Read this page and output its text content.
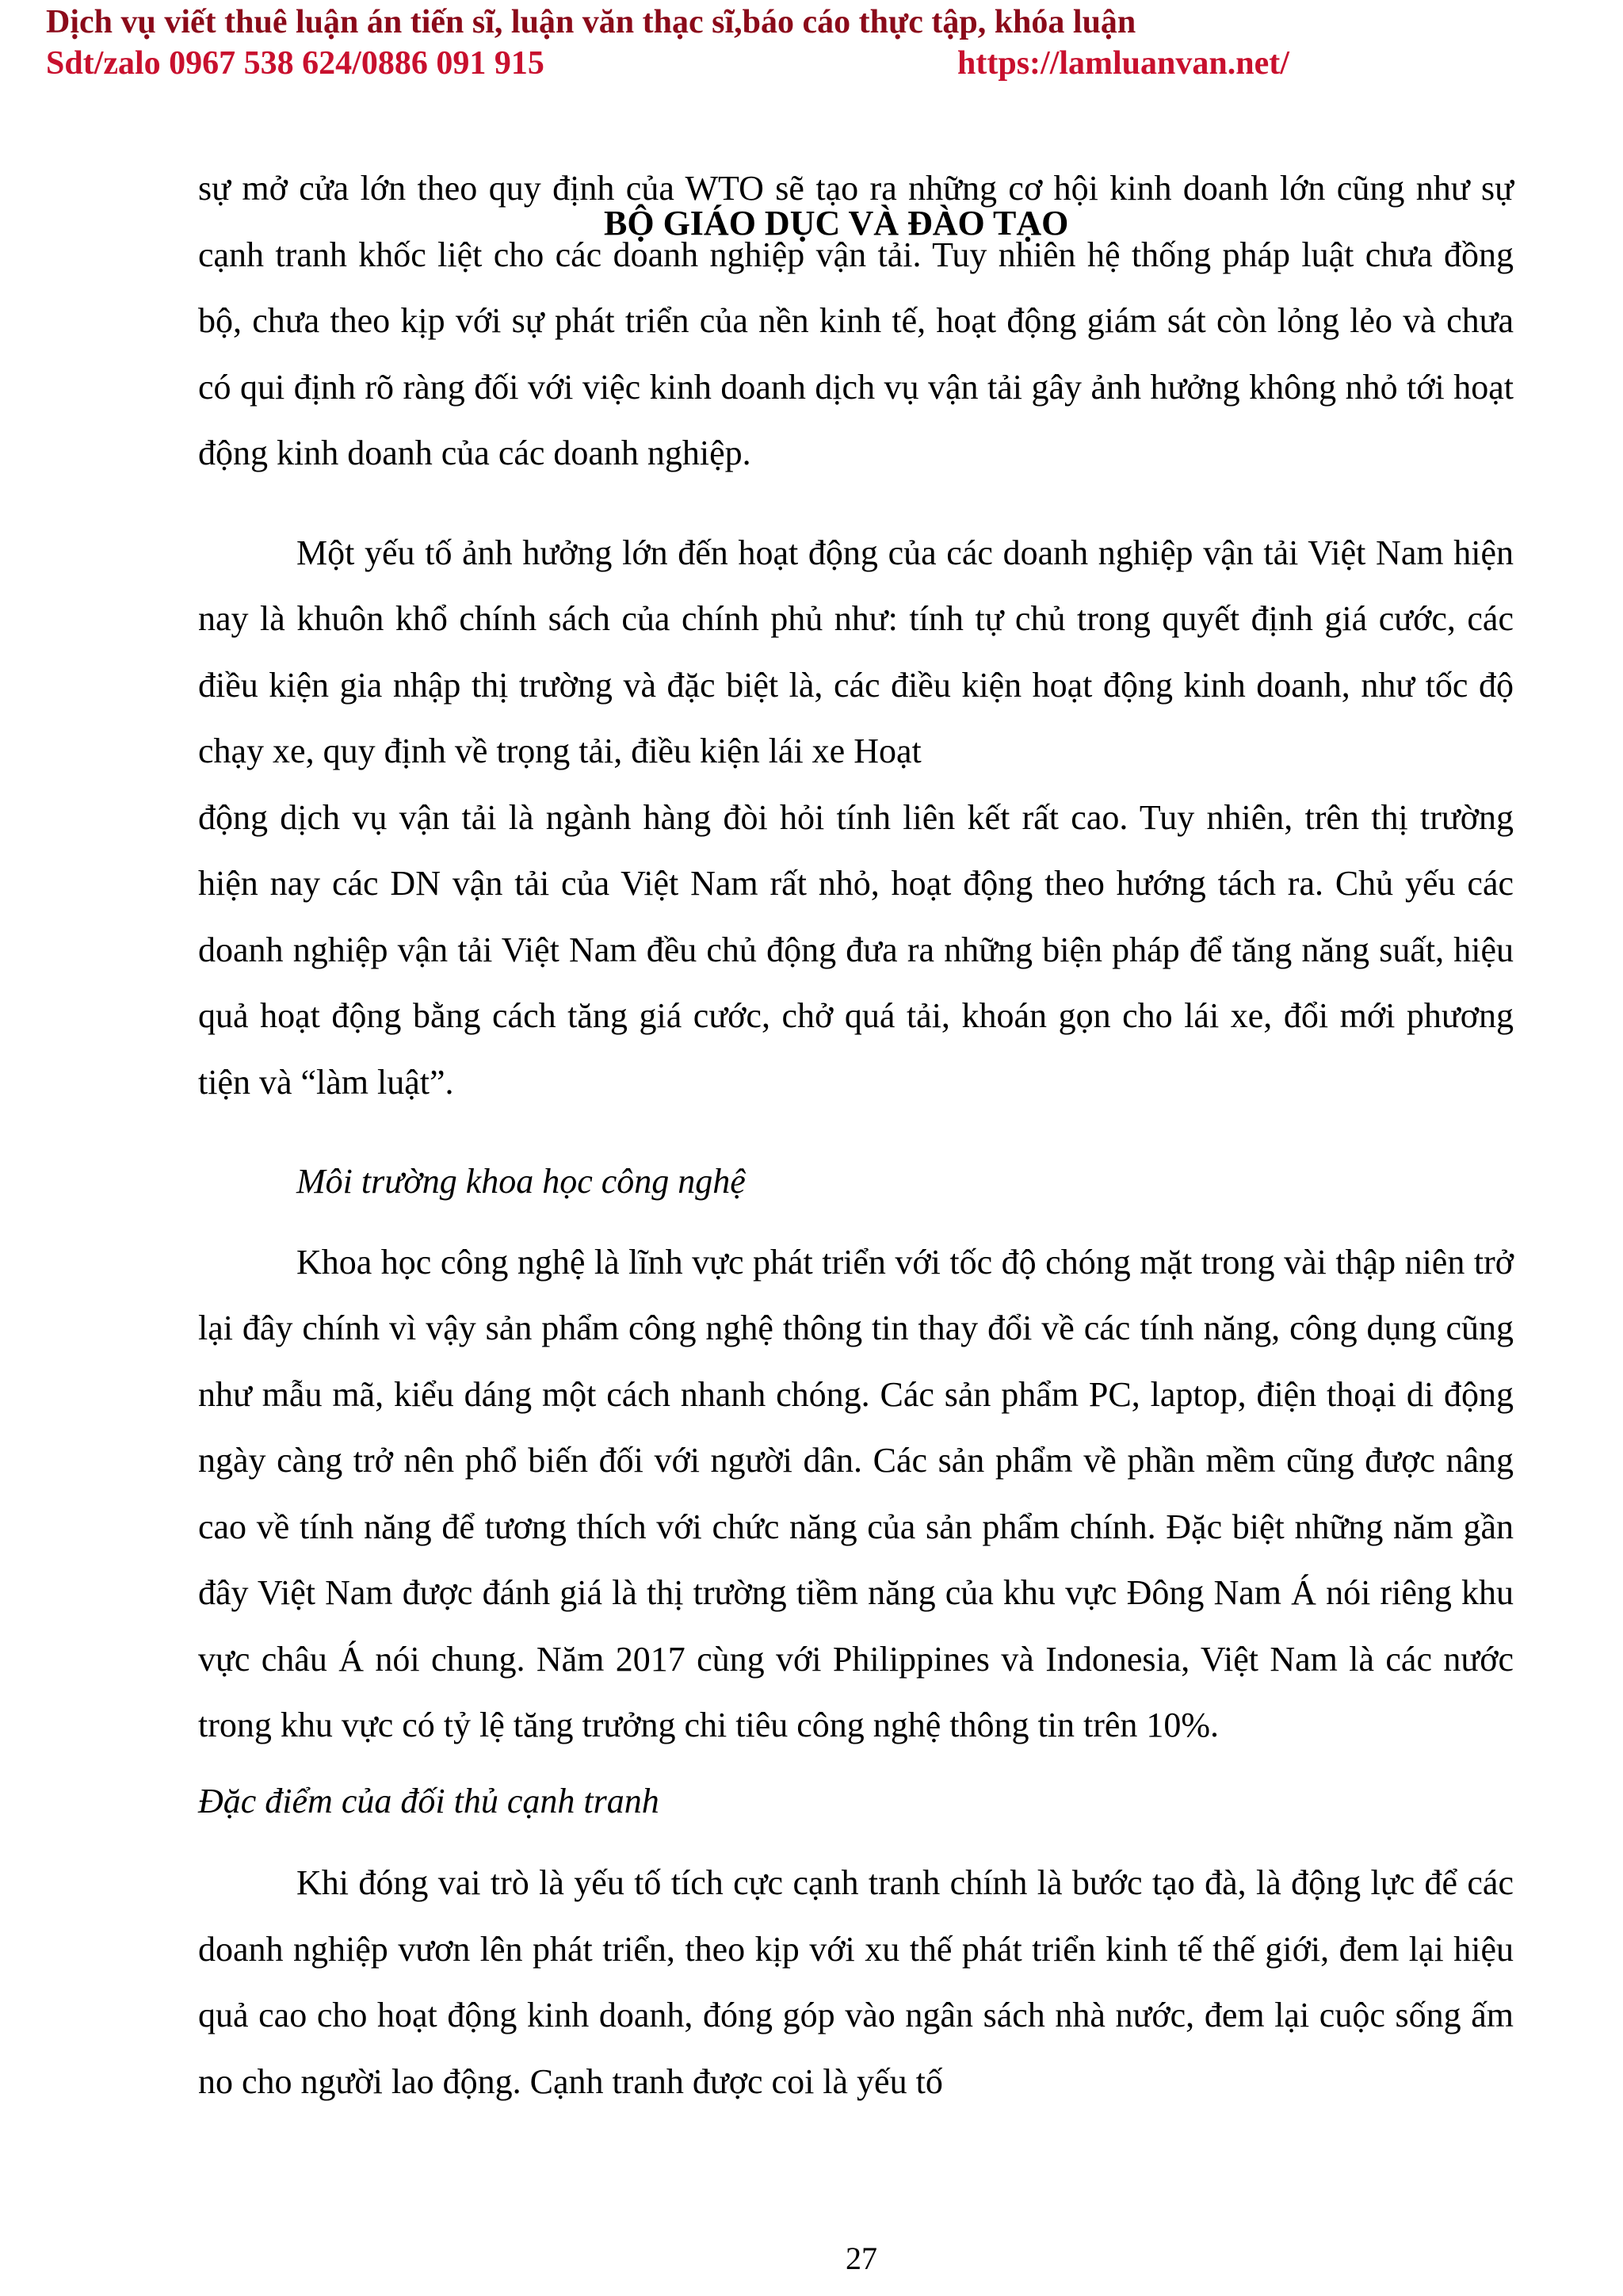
Dịch vụ viết thuê luận án tiến sĩ, luận văn thạc sĩ,báo cáo thực tập, khóa luận
Sdt/zalo 0967 538 624/0886 091 915	https://lamluanvan.net/
BỘ GIÁO DỤC VÀ ĐÀO TẠO

sự mở cửa lớn theo quy định của WTO sẽ tạo ra những cơ hội kinh doanh lớn cũng như sự cạnh tranh khốc liệt cho các doanh nghiệp vận tải. Tuy nhiên hệ thống pháp luật chưa đồng bộ, chưa theo kịp với sự phát triển của nền kinh tế, hoạt động giám sát còn lỏng lẻo và chưa có qui định rõ ràng đối với việc kinh doanh dịch vụ vận tải gây ảnh hưởng không nhỏ tới hoạt động kinh doanh của các doanh nghiệp.

Một yếu tố ảnh hưởng lớn đến hoạt động của các doanh nghiệp vận tải Việt Nam hiện nay là khuôn khổ chính sách của chính phủ như: tính tự chủ trong quyết định giá cước, các điều kiện gia nhập thị trường và đặc biệt là, các điều kiện hoạt động kinh doanh, như tốc độ chạy xe, quy định về trọng tải, điều kiện lái xe Hoạt

động dịch vụ vận tải là ngành hàng đòi hỏi tính liên kết rất cao. Tuy nhiên, trên thị trường hiện nay các DN vận tải của Việt Nam rất nhỏ, hoạt động theo hướng tách ra. Chủ yếu các doanh nghiệp vận tải Việt Nam đều chủ động đưa ra những biện pháp để tăng năng suất, hiệu quả hoạt động bằng cách tăng giá cước, chở quá tải, khoán gọn cho lái xe, đổi mới phương tiện và “làm luật”.

Môi trường khoa học công nghệ

Khoa học công nghệ là lĩnh vực phát triển với tốc độ chóng mặt trong vài thập niên trở lại đây chính vì vậy sản phẩm công nghệ thông tin thay đổi về các tính năng, công dụng cũng như mẫu mã, kiểu dáng một cách nhanh chóng. Các sản phẩm PC, laptop, điện thoại di động ngày càng trở nên phổ biến đối với người dân. Các sản phẩm về phần mềm cũng được nâng cao về tính năng để tương thích với chức năng của sản phẩm chính. Đặc biệt những năm gần đây Việt Nam được đánh giá là thị trường tiềm năng của khu vực Đông Nam Á nói riêng khu vực châu Á nói chung. Năm 2017 cùng với Philippines và Indonesia, Việt Nam là các nước trong khu vực có tỷ lệ tăng trưởng chi tiêu công nghệ thông tin trên 10%.

Đặc điểm của đối thủ cạnh tranh

Khi đóng vai trò là yếu tố tích cực cạnh tranh chính là bước tạo đà, là động lực để các doanh nghiệp vươn lên phát triển, theo kịp với xu thế phát triển kinh tế thế giới, đem lại hiệu quả cao cho hoạt động kinh doanh, đóng góp vào ngân sách nhà nước, đem lại cuộc sống ấm no cho người lao động. Cạnh tranh được coi là yếu tố

27
